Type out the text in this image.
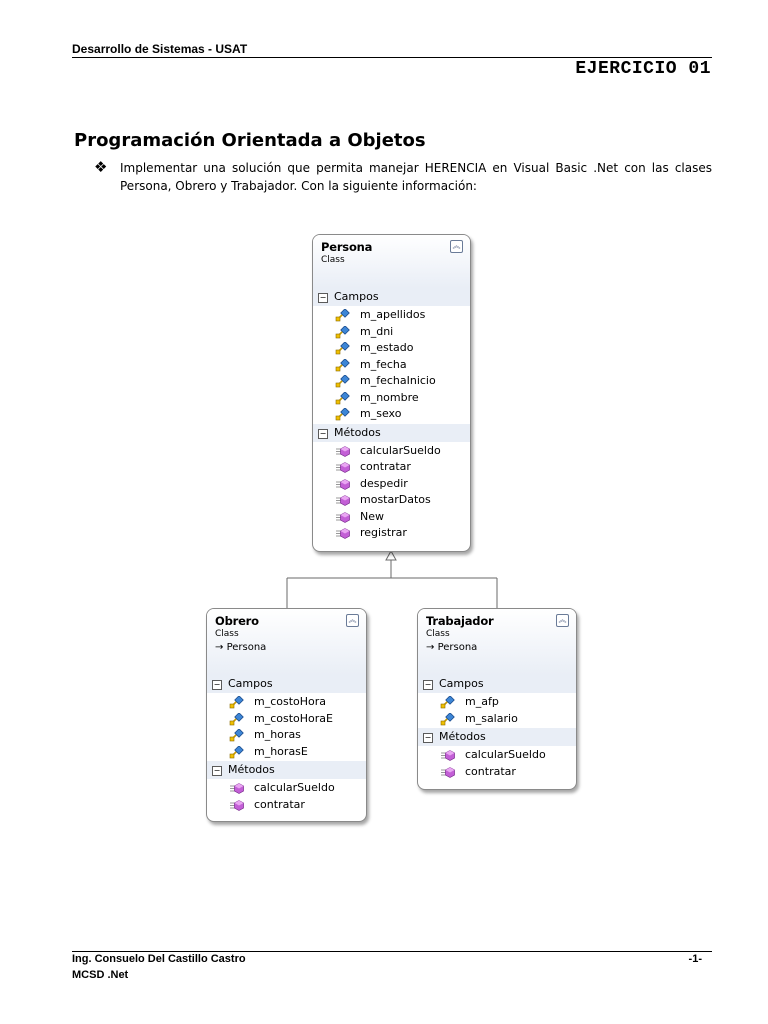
Desarrollo de Sistemas - USAT
EJERCICIO 01
Programación Orientada a Objetos
❖ Implementar una solución que permita manejar HERENCIA en Visual Basic .Net con las clases Persona, Obrero y Trabajador. Con la siguiente información:
Persona
Class
︽
− Campos
m_apellidos
m_dni
m_estado
m_fecha
m_fechaInicio
m_nombre
m_sexo
− Métodos
calcularSueldo
contratar
despedir
mostarDatos
New
registrar
Obrero
Class
→ Persona
︽
− Campos
m_costoHora
m_costoHoraE
m_horas
m_horasE
− Métodos
calcularSueldo
contratar
Trabajador
Class
→ Persona
︽
− Campos
m_afp
m_salario
− Métodos
calcularSueldo
contratar
Ing. Consuelo Del Castillo Castro
MCSD .Net
-1-
